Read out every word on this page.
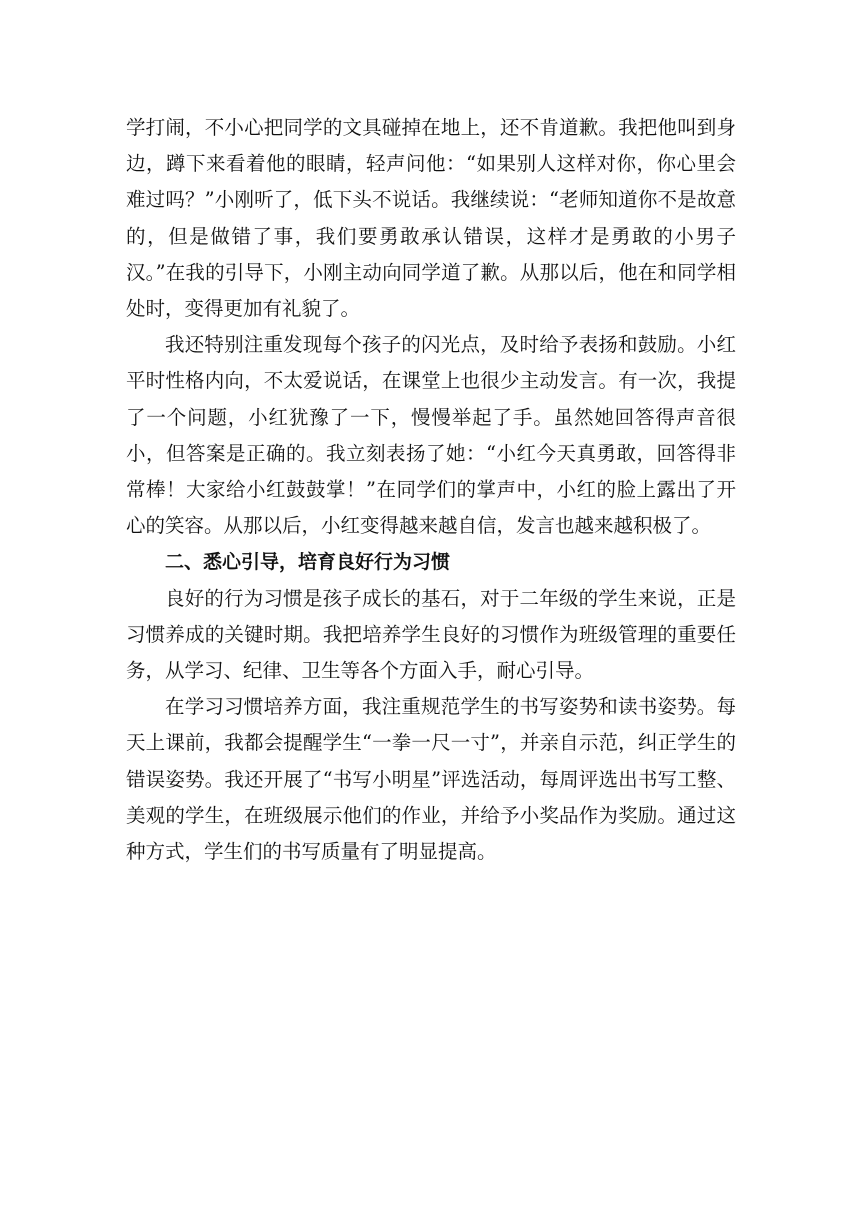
学打闹，不小心把同学的文具碰掉在地上，还不肯道歉。我把他叫到身边，蹲下来看着他的眼睛，轻声问他：“如果别人这样对你，你心里会难过吗？”小刚听了，低下头不说话。我继续说：“老师知道你不是故意的，但是做错了事，我们要勇敢承认错误，这样才是勇敢的小男子汉。”在我的引导下，小刚主动向同学道了歉。从那以后，他在和同学相处时，变得更加有礼貌了。

我还特别注重发现每个孩子的闪光点，及时给予表扬和鼓励。小红平时性格内向，不太爱说话，在课堂上也很少主动发言。有一次，我提了一个问题，小红犹豫了一下，慢慢举起了手。虽然她回答得声音很小，但答案是正确的。我立刻表扬了她：“小红今天真勇敢，回答得非常棒！大家给小红鼓鼓掌！”在同学们的掌声中，小红的脸上露出了开心的笑容。从那以后，小红变得越来越自信，发言也越来越积极了。

二、悉心引导，培育良好行为习惯

良好的行为习惯是孩子成长的基石，对于二年级的学生来说，正是习惯养成的关键时期。我把培养学生良好的习惯作为班级管理的重要任务，从学习、纪律、卫生等各个方面入手，耐心引导。

在学习习惯培养方面，我注重规范学生的书写姿势和读书姿势。每天上课前，我都会提醒学生“一拳一尺一寸”，并亲自示范，纠正学生的错误姿势。我还开展了“书写小明星”评选活动，每周评选出书写工整、美观的学生，在班级展示他们的作业，并给予小奖品作为奖励。通过这种方式，学生们的书写质量有了明显提高。
